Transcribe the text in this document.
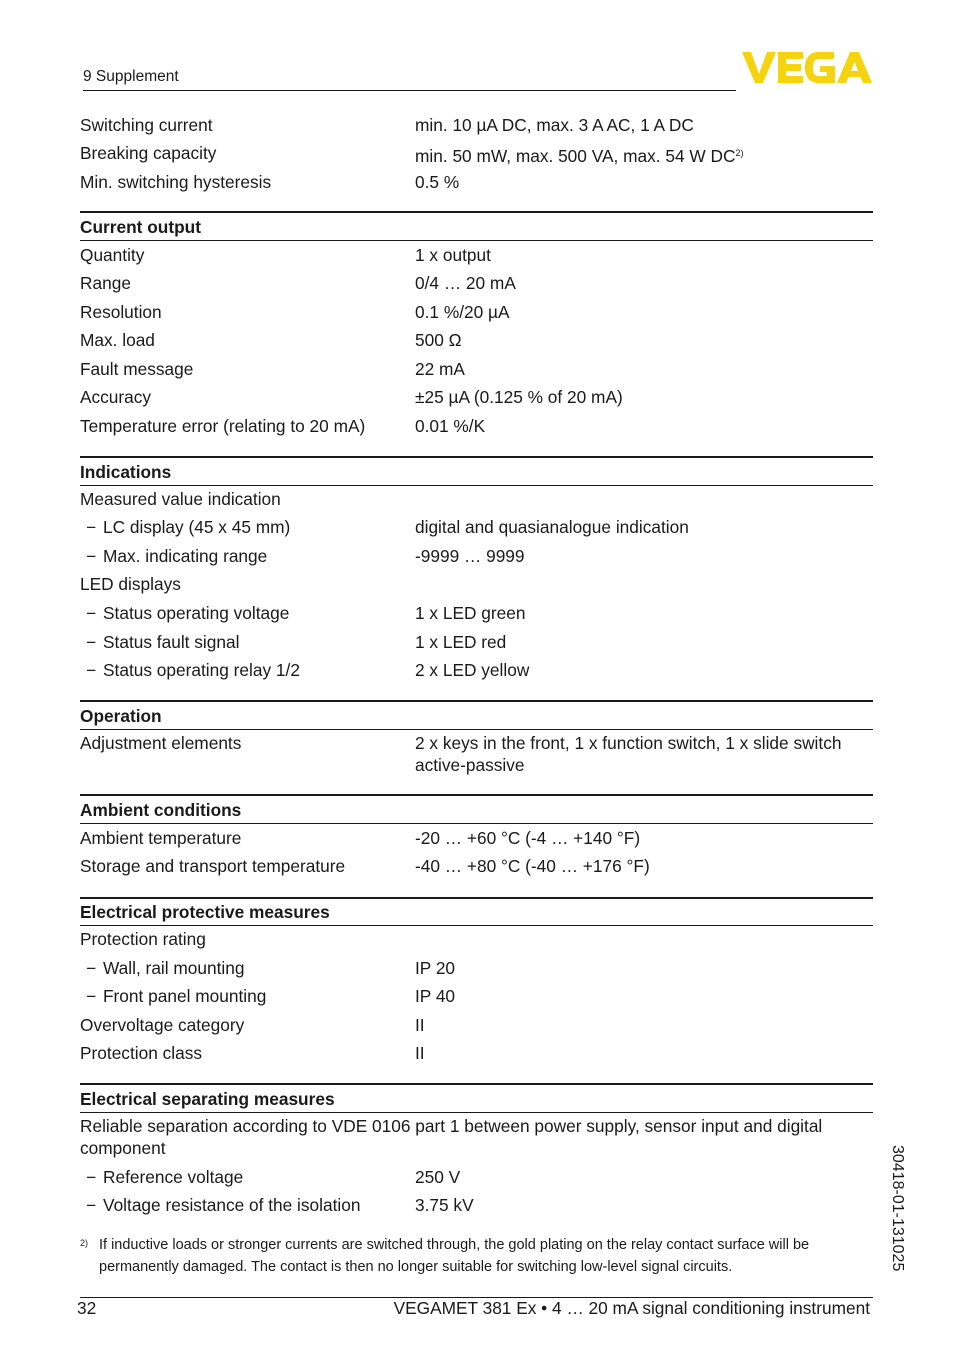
9 Supplement
Switching current	min. 10 µA DC, max. 3 A AC, 1 A DC
Breaking capacity	min. 50 mW, max. 500 VA, max. 54 W DC$^{2)}$
Min. switching hysteresis	0.5 %
Current output
Quantity	1 x output
Range	0/4 … 20 mA
Resolution	0.1 %/20 µA
Max. load	500 Ω
Fault message	22 mA
Accuracy	±25 µA (0.125 % of 20 mA)
Temperature error (relating to 20 mA)	0.01 %/K
Indications
Measured value indication
− LC display (45 x 45 mm)	digital and quasianalogue indication
− Max. indicating range	-9999 … 9999
LED displays
− Status operating voltage	1 x LED green
− Status fault signal	1 x LED red
− Status operating relay 1/2	2 x LED yellow
Operation
Adjustment elements	2 x keys in the front, 1 x function switch, 1 x slide switch active-passive
Ambient conditions
Ambient temperature	-20 … +60 °C (-4 … +140 °F)
Storage and transport temperature	-40 … +80 °C (-40 … +176 °F)
Electrical protective measures
Protection rating
− Wall, rail mounting	IP 20
− Front panel mounting	IP 40
Overvoltage category	II
Protection class	II
Electrical separating measures
Reliable separation according to VDE 0106 part 1 between power supply, sensor input and digital component
− Reference voltage	250 V
− Voltage resistance of the isolation	3.75 kV
2) If inductive loads or stronger currents are switched through, the gold plating on the relay contact surface will be permanently damaged. The contact is then no longer suitable for switching low-level signal circuits.	30418-01-131025
32	VEGAMET 381 Ex • 4 … 20 mA signal conditioning instrument
